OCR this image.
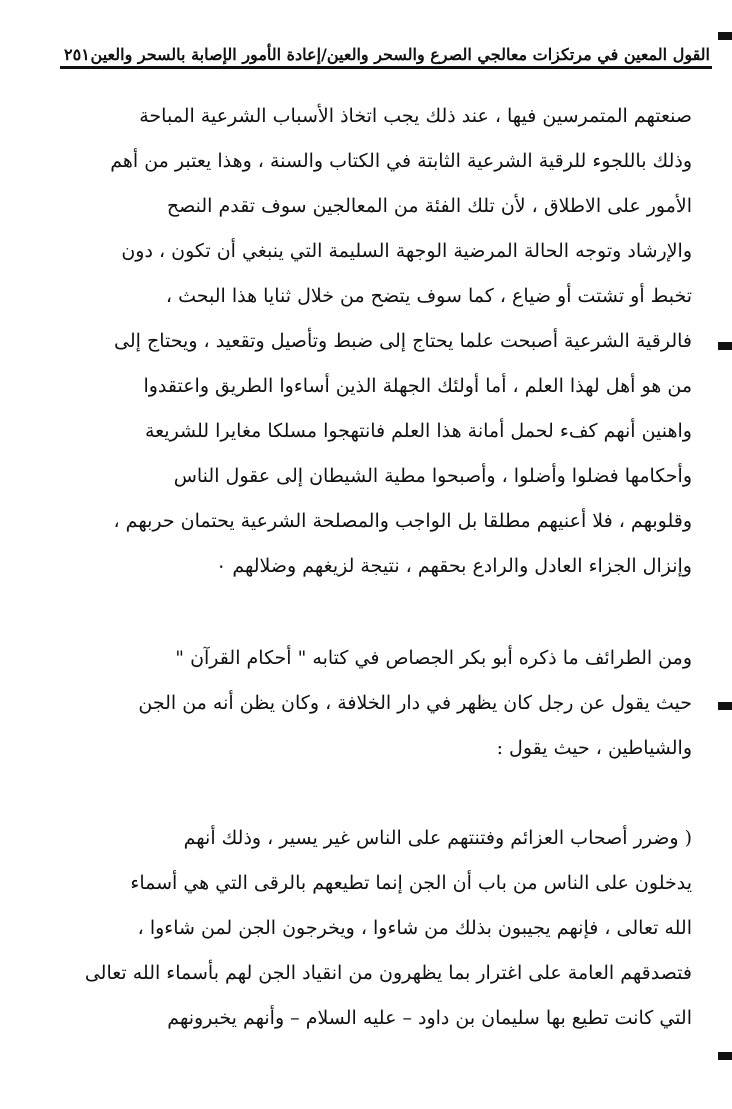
القول المعين في مرتكزات معالجي الصرع والسحر والعين/إعادة الأمور الإصابة بالسحر والعين
٢٥١
صنعتهم المتمرسين فيها ، عند ذلك يجب اتخاذ الأسباب الشرعية المباحة
وذلك باللجوء للرقية الشرعية الثابتة في الكتاب والسنة ، وهذا يعتبر من أهم
الأمور على الاطلاق ، لأن تلك الفئة من المعالجين سوف تقدم النصح
والإرشاد وتوجه الحالة المرضية الوجهة السليمة التي ينبغي أن تكون ، دون
تخبط أو تشتت أو ضياع ، كما سوف يتضح من خلال ثنايا هذا البحث ،
فالرقية الشرعية أصبحت علما يحتاج إلى ضبط وتأصيل وتقعيد ، ويحتاج إلى
من هو أهل لهذا العلم ، أما أولئك الجهلة الذين أساءوا الطريق واعتقدوا
واهنين أنهم كفء لحمل أمانة هذا العلم فانتهجوا مسلكا مغايرا للشريعة
وأحكامها فضلوا وأضلوا ، وأصبحوا مطية الشيطان إلى عقول الناس
وقلوبهم ، فلا أعنيهم مطلقا بل الواجب والمصلحة الشرعية يحتمان حربهم ،
وإنزال الجزاء العادل والرادع بحقهم ، نتيجة لزيغهم وضلالهم ٠
ومن الطرائف ما ذكره أبو بكر الجصاص في كتابه " أحكام القرآن "
حيث يقول عن رجل كان يظهر في دار الخلافة ، وكان يظن أنه من الجن
والشياطين ، حيث يقول :
( وضرر أصحاب العزائم وفتنتهم على الناس غير يسير ، وذلك أنهم
يدخلون على الناس من باب أن الجن إنما تطيعهم بالرقى التي هي أسماء
الله تعالى ، فإنهم يجيبون بذلك من شاءوا ، ويخرجون الجن لمن شاءوا ،
فتصدقهم العامة على اغترار بما يظهرون من انقياد الجن لهم بأسماء الله تعالى
التي كانت تطيع بها سليمان بن داود – عليه السلام – وأنهم يخبرونهم
